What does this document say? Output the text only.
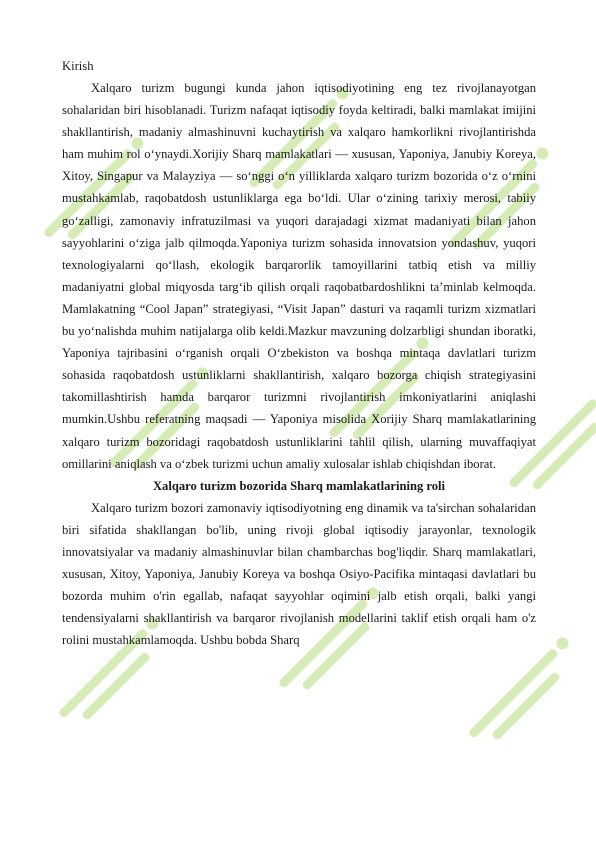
Kirish

Xalqaro turizm bugungi kunda jahon iqtisodiyotining eng tez rivojlanayotgan sohalaridan biri hisoblanadi. Turizm nafaqat iqtisodiy foyda keltiradi, balki mamlakat imijini shakllantirish, madaniy almashinuvni kuchaytirish va xalqaro hamkorlikni rivojlantirishda ham muhim rol o‘ynaydi.Xorijiy Sharq mamlakatlari — xususan, Yaponiya, Janubiy Koreya, Xitoy, Singapur va Malayziya — so‘nggi o‘n yilliklarda xalqaro turizm bozorida o‘z o‘rnini mustahkamlab, raqobatdosh ustunliklarga ega bo‘ldi. Ular o‘zining tarixiy merosi, tabiiy go‘zalligi, zamonaviy infratuzilmasi va yuqori darajadagi xizmat madaniyati bilan jahon sayyohlarini o‘ziga jalb qilmoqda.Yaponiya turizm sohasida innovatsion yondashuv, yuqori texnologiyalarni qo‘llash, ekologik barqarorlik tamoyillarini tatbiq etish va milliy madaniyatni global miqyosda targ‘ib qilish orqali raqobatbardoshlikni ta’minlab kelmoqda. Mamlakatning “Cool Japan” strategiyasi, “Visit Japan” dasturi va raqamli turizm xizmatlari bu yo‘nalishda muhim natijalarga olib keldi.Mazkur mavzuning dolzarbligi shundan iboratki, Yaponiya tajribasini o‘rganish orqali O‘zbekiston va boshqa mintaqa davlatlari turizm sohasida raqobatdosh ustunliklarni shakllantirish, xalqaro bozorga chiqish strategiyasini takomillashtirish hamda barqaror turizmni rivojlantirish imkoniyatlarini aniqlashi mumkin.Ushbu referatning maqsadi — Yaponiya misolida Xorijiy Sharq mamlakatlarining xalqaro turizm bozoridagi raqobatdosh ustunliklarini tahlil qilish, ularning muvaffaqiyat omillarini aniqlash va o‘zbek turizmi uchun amaliy xulosalar ishlab chiqishdan iborat.

Xalqaro turizm bozorida Sharq mamlakatlarining roli

Xalqaro turizm bozori zamonaviy iqtisodiyotning eng dinamik va ta'sirchan sohalaridan biri sifatida shakllangan bo'lib, uning rivoji global iqtisodiy jarayonlar, texnologik innovatsiyalar va madaniy almashinuvlar bilan chambarchas bog'liqdir. Sharq mamlakatlari, xususan, Xitoy, Yaponiya, Janubiy Koreya va boshqa Osiyo-Pacifika mintaqasi davlatlari bu bozorda muhim o'rin egallab, nafaqat sayyohlar oqimini jalb etish orqali, balki yangi tendensiyalarni shakllantirish va barqaror rivojlanish modellarini taklif etish orqali ham o'z rolini mustahkamlamoqda. Ushbu bobda Sharq
